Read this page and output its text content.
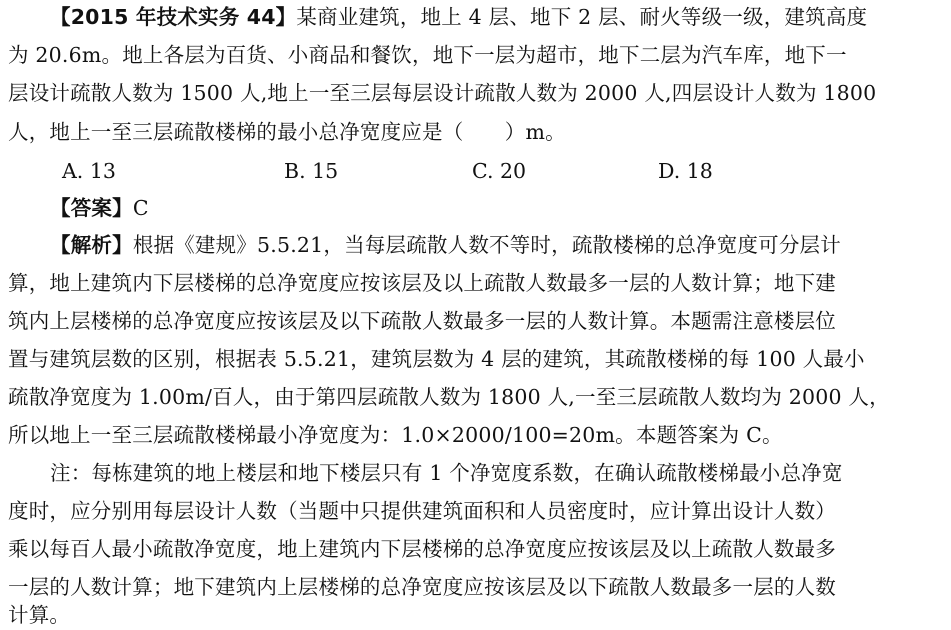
【2015 年技术实务 44】某商业建筑，地上 4 层、地下 2 层、耐火等级一级，建筑高度
为 20.6m。地上各层为百货、小商品和餐饮，地下一层为超市，地下二层为汽车库，地下一
层设计疏散人数为 1500 人,地上一至三层每层设计疏散人数为 2000 人,四层设计人数为 1800
人，地上一至三层疏散楼梯的最小总净宽度应是（　　）m。
A. 13	B. 15	C. 20	D. 18
【答案】C
【解析】根据《建规》5.5.21，当每层疏散人数不等时，疏散楼梯的总净宽度可分层计
算，地上建筑内下层楼梯的总净宽度应按该层及以上疏散人数最多一层的人数计算；地下建
筑内上层楼梯的总净宽度应按该层及以下疏散人数最多一层的人数计算。本题需注意楼层位
置与建筑层数的区别，根据表 5.5.21，建筑层数为 4 层的建筑，其疏散楼梯的每 100 人最小
疏散净宽度为 1.00m/百人，由于第四层疏散人数为 1800 人,一至三层疏散人数均为 2000 人，
所以地上一至三层疏散楼梯最小净宽度为：1.0×2000/100=20m。本题答案为 C。
注：每栋建筑的地上楼层和地下楼层只有 1 个净宽度系数，在确认疏散楼梯最小总净宽
度时，应分别用每层设计人数（当题中只提供建筑面积和人员密度时，应计算出设计人数）
乘以每百人最小疏散净宽度，地上建筑内下层楼梯的总净宽度应按该层及以上疏散人数最多
一层的人数计算；地下建筑内上层楼梯的总净宽度应按该层及以下疏散人数最多一层的人数
计算。
